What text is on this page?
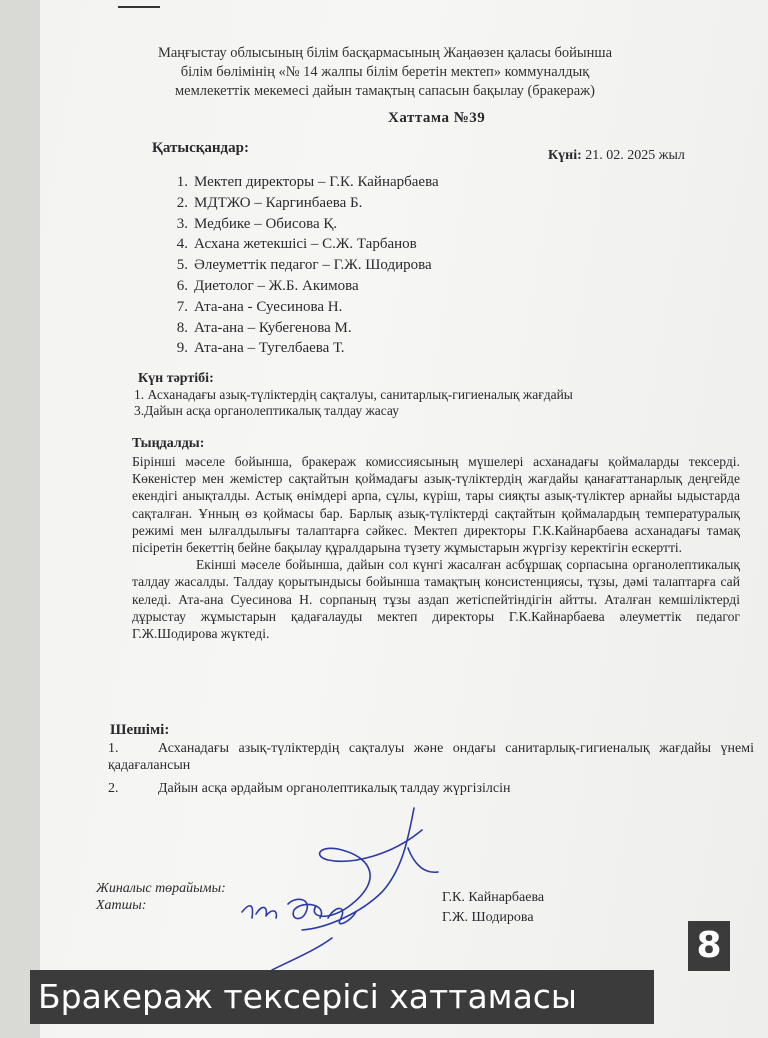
Маңғыстау облысының білім басқармасының Жаңаөзен қаласы бойынша
білім бөлімінің «№ 14 жалпы білім беретін мектеп» коммуналдық
мемлекеттік мекемесі дайын тамақтың сапасын бақылау (бракераж)
Хаттама №39
Қатысқандар:	Күні: 21. 02. 2025 жыл
1. Мектеп директоры – Г.К. Кайнарбаева
2. МДТЖО – Каргинбаева Б.
3. Медбике – Обисова Қ.
4. Асхана жетекшісі – С.Ж. Тарбанов
5. Әлеуметтік педагог – Г.Ж. Шодирова
6. Диетолог – Ж.Б. Акимова
7. Ата-ана - Суесинова Н.
8. Ата-ана – Кубегенова М.
9. Ата-ана – Тугелбаева Т.
Күн тәртібі:
1. Асханадағы азық-түліктердің сақталуы, санитарлық-гигиеналық жағдайы
3.Дайын асқа органолептикалық талдау жасау
Тыңдалды:

Бірінші мәселе бойынша, бракераж комиссиясының мүшелері асханадағы қоймаларды тексерді. Көкеністер мен жемістер сақтайтын қоймадағы азық-түліктердің жағдайы қанағаттанарлық деңгейде екендігі анықталды. Астық өнімдері арпа, сұлы, күріш, тары сияқты азық-түліктер арнайы ыдыстарда сақталған. Ұнның өз қоймасы бар. Барлық азық-түліктерді сақтайтын қоймалардың температуралық режимі мен ылғалдылығы талаптарға сәйкес. Мектеп директоры Г.К.Кайнарбаева асханадағы тамақ пісіретін бекеттің бейне бақылау құралдарына түзету жұмыстарын жүргізу керектігін ескертті.

Екінші мәселе бойынша, дайын сол күнгі жасалған асбұршақ сорпасына органолептикалық талдау жасалды. Талдау қорытындысы бойынша тамақтың консистенциясы, тұзы, дәмі талаптарға сай келеді. Ата-ана Суесинова Н. сорпаның тұзы аздап жетіспейтіндігін айтты. Аталған кемшіліктерді дұрыстау жұмыстарын қадағалауды мектеп директоры Г.К.Кайнарбаева әлеуметтік педагог Г.Ж.Шодирова жүктеді.

Шешімі:
1.	Асханадағы азық-түліктердің сақталуы және ондағы санитарлық-гигиеналық жағдайы үнемі қадағалансын
2.	Дайын асқа әрдайым органолептикалық талдау жүргізілсін
Жиналыс төрайымы:
Хатшы:
Г.К. Кайнарбаева
Г.Ж. Шодирова
8
Бракераж тексерісі хаттамасы
